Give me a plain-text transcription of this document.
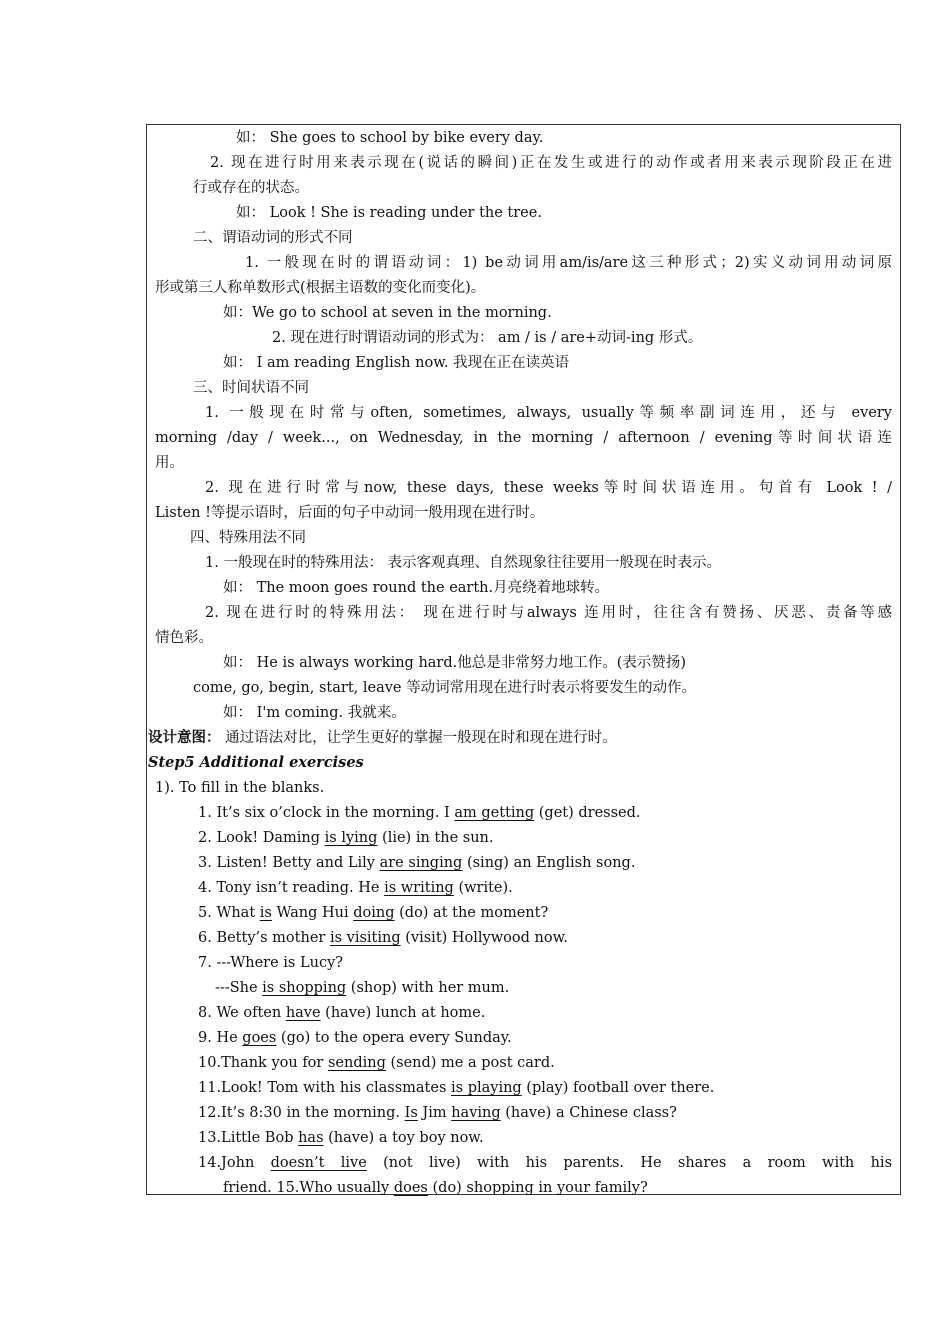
如： She goes to school by bike every day.
2. 现在进行时用来表示现在(说话的瞬间)正在发生或进行的动作或者用来表示现阶段正在进
行或存在的状态。
如： Look ! She is reading under the tree.
二、谓语动词的形式不同
1. 一般现在时的谓语动词：1) be动词用am/is/are这三种形式；2)实义动词用动词原
形或第三人称单数形式(根据主语数的变化而变化)。
如：We go to school at seven in the morning.
2. 现在进行时谓语动词的形式为： am / is / are+动词-ing 形式。
如： I am reading English now. 我现在正在读英语
三、时间状语不同
1. 一般现在时常与often, sometimes, always, usually等频率副词连用，还与 every
morning /day / week..., on Wednesday, in the morning / afternoon / evening等时间状语连
用。
2. 现在进行时常与now, these days, these weeks等时间状语连用。句首有 Look ! /
Listen !等提示语时，后面的句子中动词一般用现在进行时。
四、特殊用法不同
1. 一般现在时的特殊用法： 表示客观真理、自然现象往往要用一般现在时表示。
如： The moon goes round the earth.月亮绕着地球转。
2. 现在进行时的特殊用法： 现在进行时与always 连用时，往往含有赞扬、厌恶、责备等感
情色彩。
如： He is always working hard.他总是非常努力地工作。(表示赞扬)
come, go, begin, start, leave 等动词常用现在进行时表示将要发生的动作。
如： I'm coming. 我就来。
设计意图： 通过语法对比，让学生更好的掌握一般现在时和现在进行时。
Step5 Additional exercises
1). To fill in the blanks.
1. It’s six o’clock in the morning. I am getting (get) dressed.
2. Look! Daming is lying (lie) in the sun.
3. Listen! Betty and Lily are singing (sing) an English song.
4. Tony isn’t reading. He is writing (write).
5. What is Wang Hui doing (do) at the moment?
6. Betty’s mother is visiting (visit) Hollywood now.
7. ---Where is Lucy?
---She is shopping (shop) with her mum.
8. We often have (have) lunch at home.
9. He goes (go) to the opera every Sunday.
10.Thank you for sending (send) me a post card.
11.Look! Tom with his classmates is playing (play) football over there.
12.It’s 8:30 in the morning. Is Jim having (have) a Chinese class?
13.Little Bob has (have) a toy boy now.
14.John doesn’t live (not live) with his parents. He shares a room with his
friend. 15.Who usually does (do) shopping in your family?
